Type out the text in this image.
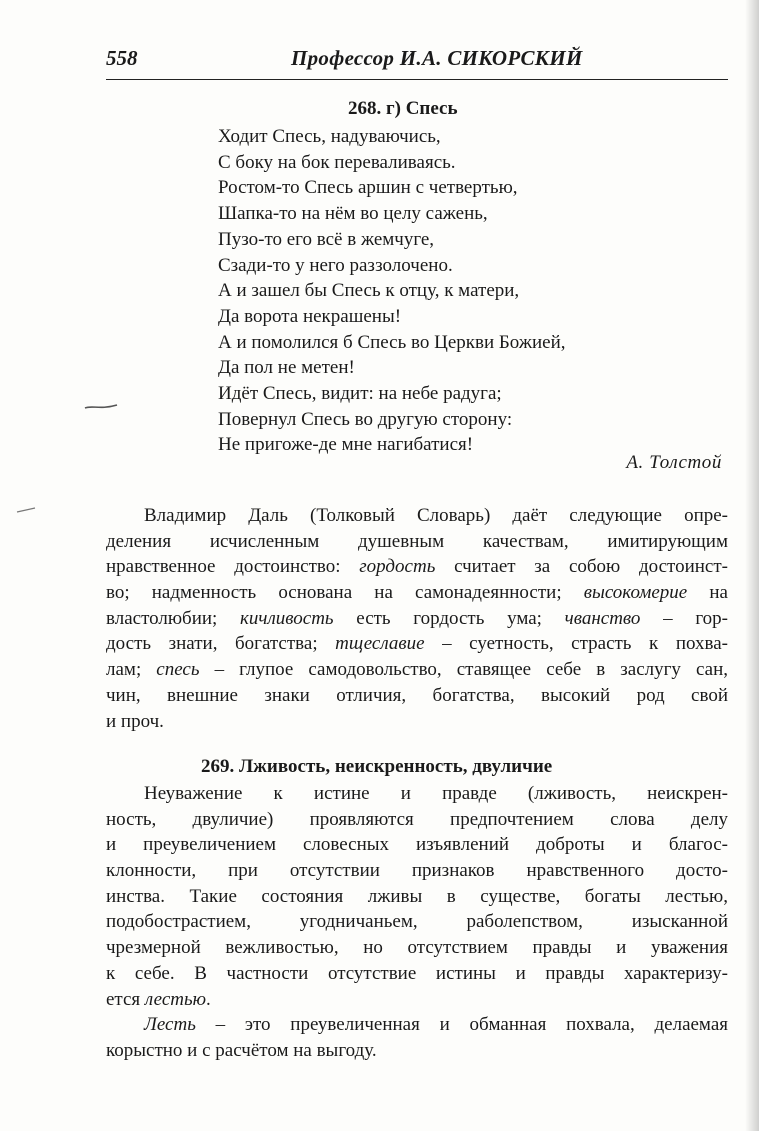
558	Профессор И.А. СИКОРСКИЙ
268. г) Спесь
Ходит Спесь, надуваючись,
С боку на бок переваливаясь.
Ростом-то Спесь аршин с четвертью,
Шапка-то на нём во целу сажень,
Пузо-то его всё в жемчуге,
Сзади-то у него раззолочено.
А и зашел бы Спесь к отцу, к матери,
Да ворота некрашены!
А и помолился б Спесь во Церкви Божией,
Да пол не метен!
Идёт Спесь, видит: на небе радуга;
Повернул Спесь во другую сторону:
Не пригоже-де мне нагибатися!
А. Толстой
Владимир Даль (Толковый Словарь) даёт следующие опре-
деления исчисленным душевным качествам, имитирующим
нравственное достоинство: гордость считает за собою достоинст-
во; надменность основана на самонадеянности; высокомерие на
властолюбии; кичливость есть гордость ума; чванство – гор-
дость знати, богатства; тщеславие – суетность, страсть к похва-
лам; спесь – глупое самодовольство, ставящее себе в заслугу сан,
чин, внешние знаки отличия, богатства, высокий род свой
и проч.
269. Лживость, неискренность, двуличие
Неуважение к истине и правде (лживость, неискрен-
ность, двуличие) проявляются предпочтением слова делу
и преувеличением словесных изъявлений доброты и благос-
клонности, при отсутствии признаков нравственного досто-
инства. Такие состояния лживы в существе, богаты лестью,
подобострастием, угодничаньем, раболепством, изысканной
чрезмерной вежливостью, но отсутствием правды и уважения
к себе. В частности отсутствие истины и правды характеризу-
ется лестью.
Лесть – это преувеличенная и обманная похвала, делаемая
корыстно и с расчётом на выгоду.
